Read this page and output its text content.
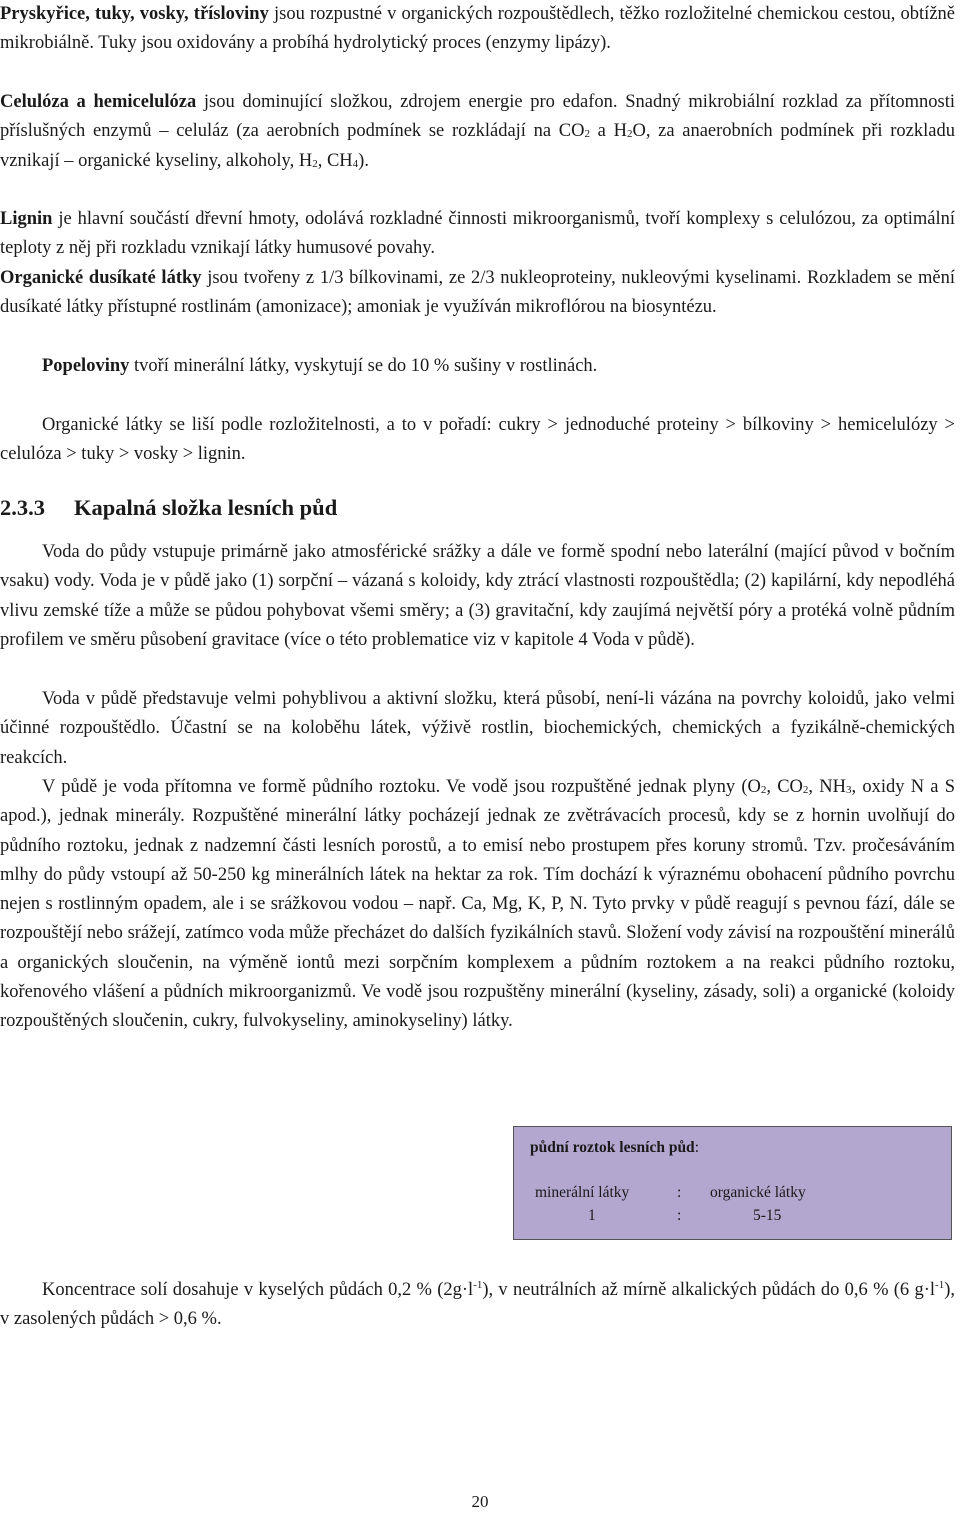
Pryskyřice, tuky, vosky, třísloviny jsou rozpustné v organických rozpouštědlech, těžko rozložitelné chemickou cestou, obtížně mikrobiálně. Tuky jsou oxidovány a probíhá hydrolytický proces (enzymy lipázy).

Celulóza a hemicelulóza jsou dominující složkou, zdrojem energie pro edafon. Snadný mikrobiální rozklad za přítomnosti příslušných enzymů – celuláz (za aerobních podmínek se rozkládají na $CO_2$ a $H_2O$, za anaerobních podmínek při rozkladu vznikají – organické kyseliny, alkoholy, $H_2$, $CH_4$).

Lignin je hlavní součástí dřevní hmoty, odolává rozkladné činnosti mikroorganismů, tvoří komplexy s celulózou, za optimální teploty z něj při rozkladu vznikají látky humusové povahy.

Organické dusíkaté látky jsou tvořeny z 1/3 bílkovinami, ze 2/3 nukleoproteiny, nukleovými kyselinami. Rozkladem se mění dusíkaté látky přístupné rostlinám (amonizace); amoniak je využíván mikroflórou na biosyntézu.

Popeloviny tvoří minerální látky, vyskytují se do 10 % sušiny v rostlinách.

Organické látky se liší podle rozložitelnosti, a to v pořadí: cukry > jednoduché proteiny > bílkoviny > hemicelulózy > celulóza > tuky > vosky > lignin.

2.3.3 Kapalná složka lesních půd

Voda do půdy vstupuje primárně jako atmosférické srážky a dále ve formě spodní nebo laterální (mající původ v bočním vsaku) vody. Voda je v půdě jako (1) sorpční – vázaná s koloidy, kdy ztrácí vlastnosti rozpouštědla; (2) kapilární, kdy nepodléhá vlivu zemské tíže a může se půdou pohybovat všemi směry; a (3) gravitační, kdy zaujímá největší póry a protéká volně půdním profilem ve směru působení gravitace (více o této problematice viz v kapitole 4 Voda v půdě).

Voda v půdě představuje velmi pohyblivou a aktivní složku, která působí, není-li vázána na povrchy koloidů, jako velmi účinné rozpouštědlo. Účastní se na koloběhu látek, výživě rostlin, biochemických, chemických a fyzikálně-chemických reakcích.

V půdě je voda přítomna ve formě půdního roztoku. Ve vodě jsou rozpuštěné jednak plyny ($O_2$, $CO_2$, $NH_3$, oxidy N a S apod.), jednak minerály. Rozpuštěné minerální látky pocházejí jednak ze zvětrávacích procesů, kdy se z hornin uvolňují do půdního roztoku, jednak z nadzemní části lesních porostů, a to emisí nebo prostupem přes koruny stromů. Tzv. pročesáváním mlhy do půdy vstoupí až 50-250 kg minerálních látek na hektar za rok. Tím dochází k výraznému obohacení půdního povrchu nejen s rostlinným opadem, ale i se srážkovou vodou – např. Ca, Mg, K, P, N. Tyto prvky v půdě reagují s pevnou fází, dále se rozpouštějí nebo srážejí, zatímco voda může přecházet do dalších fyzikálních stavů. Složení vody závisí na rozpouštění minerálů a organických sloučenin, na výměně iontů mezi sorpčním komplexem a půdním roztokem a na reakci půdního roztoku, kořenového vlášení a půdních mikroorganizmů. Ve vodě jsou rozpuštěny minerální (kyseliny, zásady, soli) a organické (koloidy rozpouštěných sloučenin, cukry, fulvokyseliny, aminokyseliny) látky.

půdní roztok lesních půd:
minerální látky	: organické látky
1	:	5-15

Koncentrace solí dosahuje v kyselých půdách 0,2 % $(2g\cdot l^{-1})$, v neutrálních až mírně alkalických půdách do 0,6 % (6 $g\cdot l^{-1}$), v zasolených půdách > 0,6 %.

20
